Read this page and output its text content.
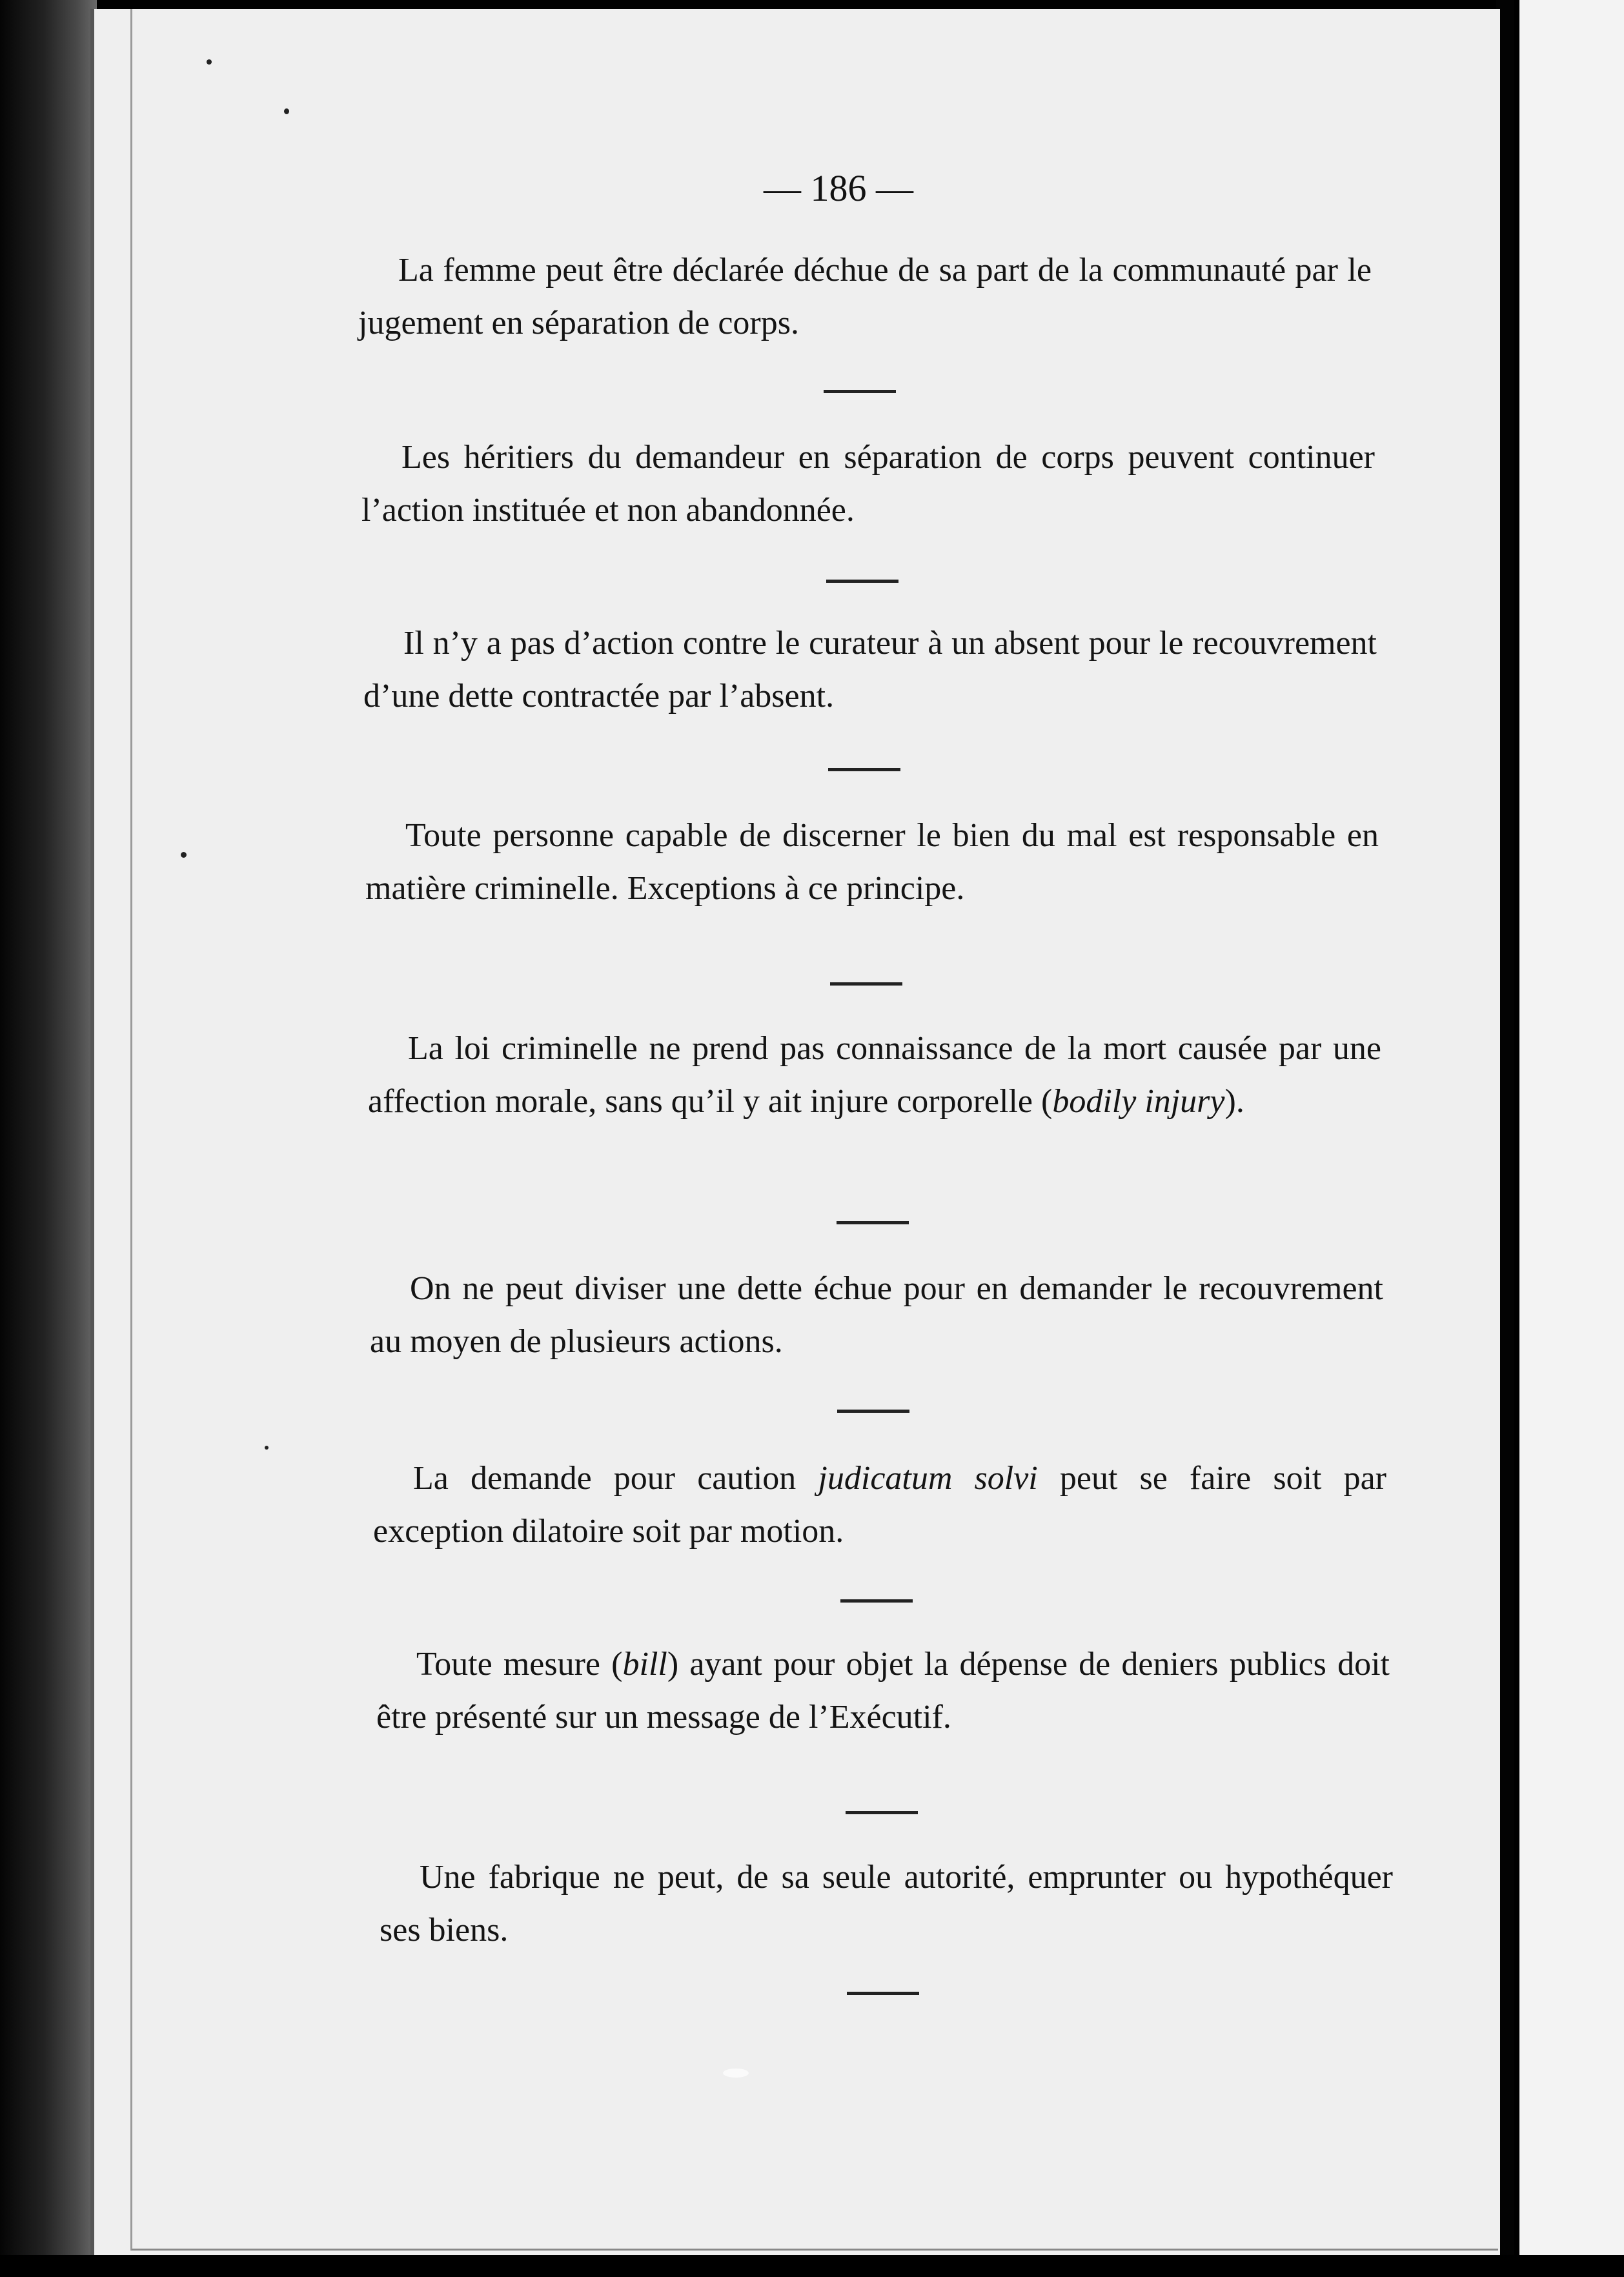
— 186 —
La femme peut être déclarée déchue de sa part de la communauté par le jugement en séparation de corps.
Les héritiers du demandeur en séparation de corps peuvent continuer l’action instituée et non abandonnée.
Il n’y a pas d’action contre le curateur à un absent pour le recouvrement d’une dette contractée par l’absent.
Toute personne capable de discerner le bien du mal est responsable en matière criminelle. Exceptions à ce principe.
La loi criminelle ne prend pas connaissance de la mort causée par une affection morale, sans qu’il y ait injure corporelle (bodily injury).
On ne peut diviser une dette échue pour en demander le recouvrement au moyen de plusieurs actions.
La demande pour caution judicatum solvi peut se faire soit par exception dilatoire soit par motion.
Toute mesure (bill) ayant pour objet la dépense de deniers publics doit être présenté sur un message de l’Exécutif.
Une fabrique ne peut, de sa seule autorité, emprunter ou hypothéquer ses biens.
